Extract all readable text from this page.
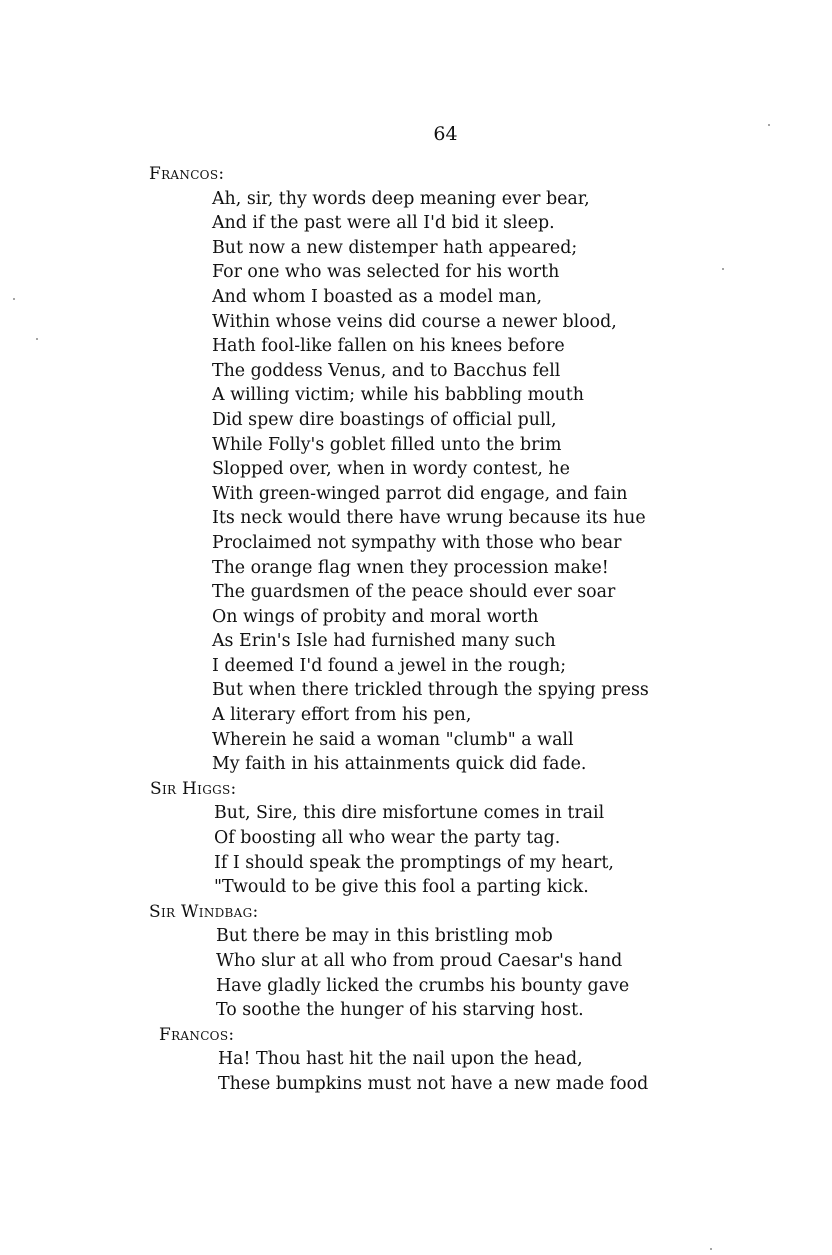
64
Francos:
Ah, sir, thy words deep meaning ever bear,
And if the past were all I'd bid it sleep.
But now a new distemper hath appeared;
For one who was selected for his worth
And whom I boasted as a model man,
Within whose veins did course a newer blood,
Hath fool-like fallen on his knees before
The goddess Venus, and to Bacchus fell
A willing victim; while his babbling mouth
Did spew dire boastings of official pull,
While Folly's goblet filled unto the brim
Slopped over, when in wordy contest, he
With green-winged parrot did engage, and fain
Its neck would there have wrung because its hue
Proclaimed not sympathy with those who bear
The orange flag wnen they procession make!
The guardsmen of the peace should ever soar
On wings of probity and moral worth
As Erin's Isle had furnished many such
I deemed I'd found a jewel in the rough;
But when there trickled through the spying press
A literary effort from his pen,
Wherein he said a woman "clumb" a wall
My faith in his attainments quick did fade.
Sir Higgs:
But, Sire, this dire misfortune comes in trail
Of boosting all who wear the party tag.
If I should speak the promptings of my heart,
"Twould to be give this fool a parting kick.
Sir Windbag:
But there be may in this bristling mob
Who slur at all who from proud Caesar's hand
Have gladly licked the crumbs his bounty gave
To soothe the hunger of his starving host.
Francos:
Ha! Thou hast hit the nail upon the head,
These bumpkins must not have a new made food
